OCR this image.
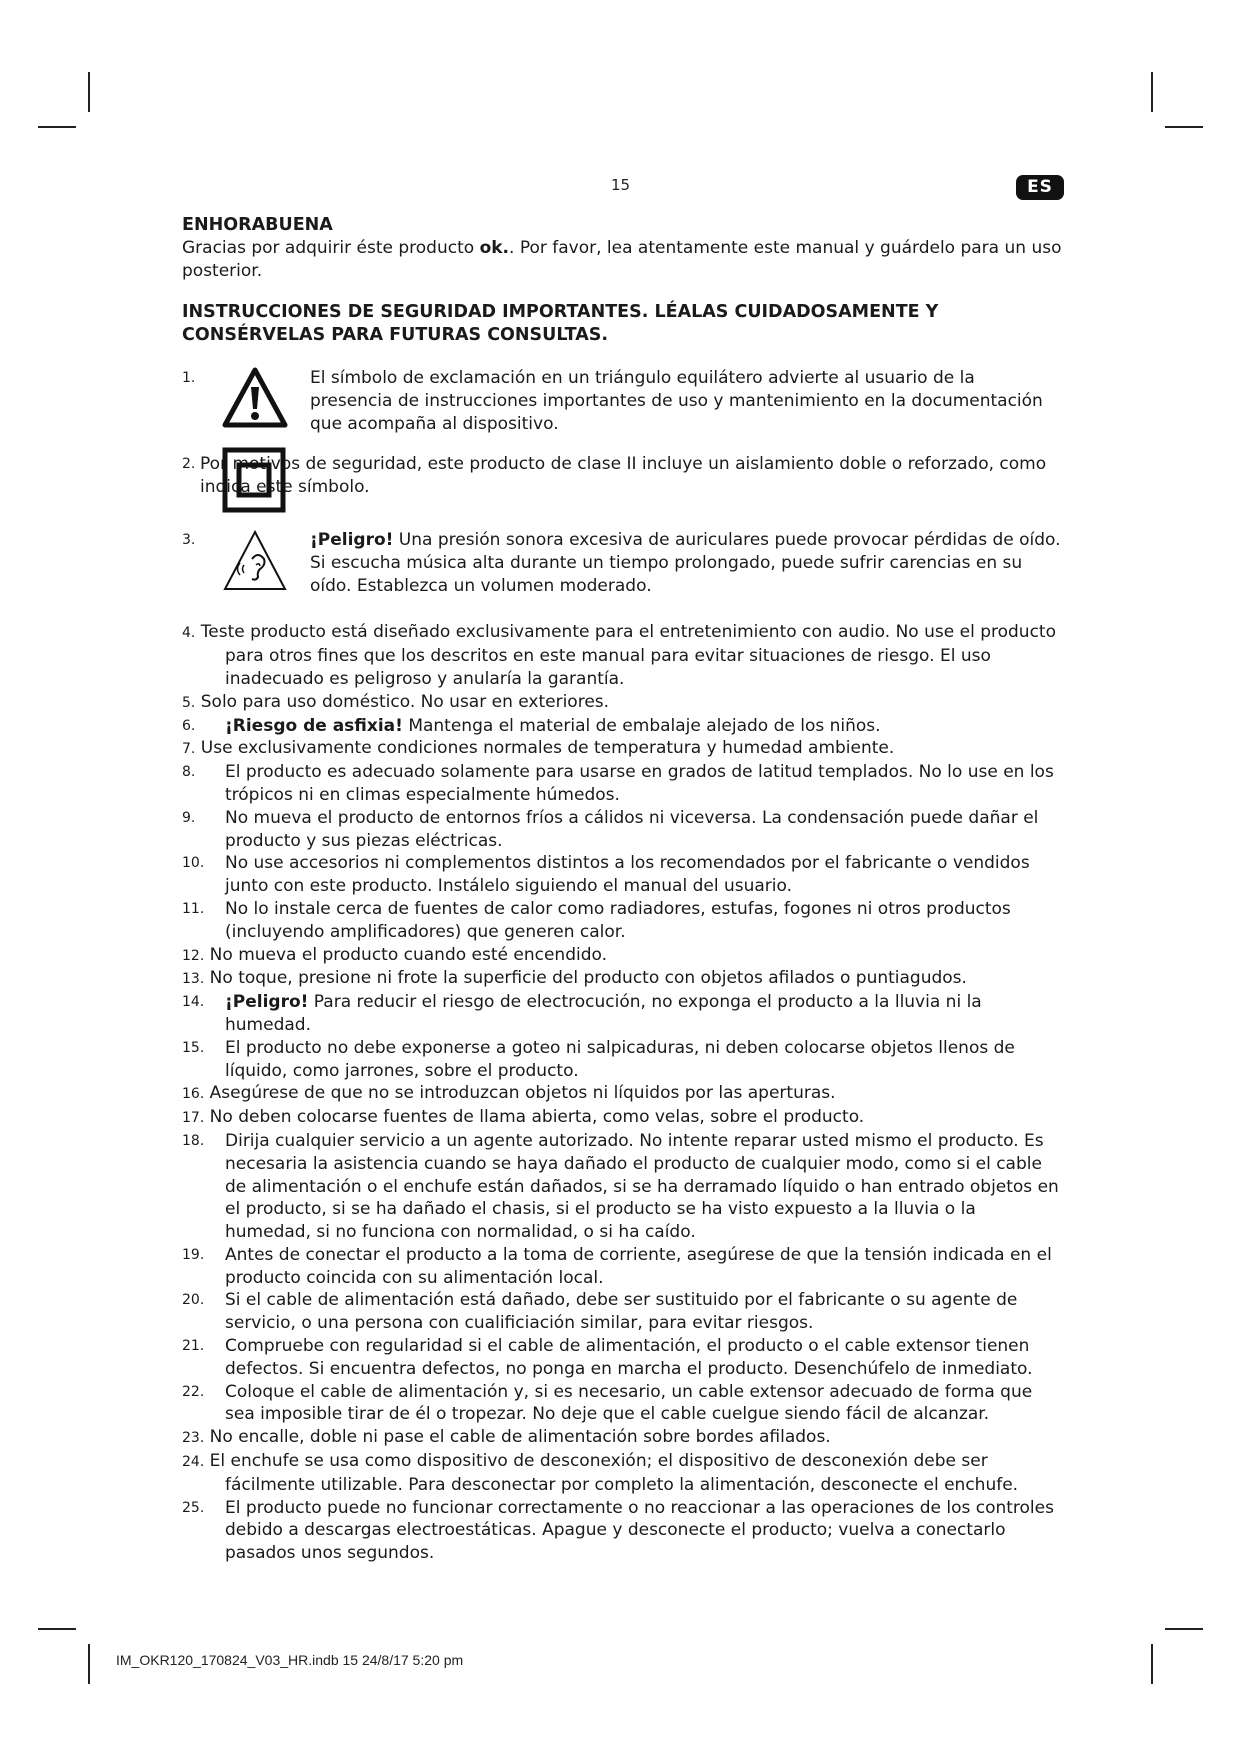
15	ES
ENHORABUENA

Gracias por adquirir éste producto ok.. Por favor, lea atentamente este manual y guárdelo para un uso posterior.

INSTRUCCIONES DE SEGURIDAD IMPORTANTES. LÉALAS CUIDADOSAMENTE Y CONSÉRVELAS PARA FUTURAS CONSULTAS.
1.	El símbolo de exclamación en un triángulo equilátero advierte al usuario de la presencia de instrucciones importantes de uso y mantenimiento en la documentación que acompaña al dispositivo.
2. Por motivos de seguridad, este producto de clase II incluye un aislamiento doble o reforzado, como indica este símbolo.
3.	¡Peligro! Una presión sonora excesiva de auriculares puede provocar pérdidas de oído. Si escucha música alta durante un tiempo prolongado, puede sufrir carencias en su oído. Establezca un volumen moderado.
4. Teste producto está diseñado exclusivamente para el entretenimiento con audio. No use el producto para otros fines que los descritos en este manual para evitar situaciones de riesgo. El uso inadecuado es peligroso y anularía la garantía.
5. Solo para uso doméstico. No usar en exteriores.
6. ¡Riesgo de asfixia! Mantenga el material de embalaje alejado de los niños.
7. Use exclusivamente condiciones normales de temperatura y humedad ambiente.
8. El producto es adecuado solamente para usarse en grados de latitud templados. No lo use en los trópicos ni en climas especialmente húmedos.
9. No mueva el producto de entornos fríos a cálidos ni viceversa. La condensación puede dañar el producto y sus piezas eléctricas.
10. No use accesorios ni complementos distintos a los recomendados por el fabricante o vendidos junto con este producto. Instálelo siguiendo el manual del usuario.
11. No lo instale cerca de fuentes de calor como radiadores, estufas, fogones ni otros productos (incluyendo amplificadores) que generen calor.
12. No mueva el producto cuando esté encendido.
13. No toque, presione ni frote la superficie del producto con objetos afilados o puntiagudos.
14. ¡Peligro! Para reducir el riesgo de electrocución, no exponga el producto a la lluvia ni la humedad.
15. El producto no debe exponerse a goteo ni salpicaduras, ni deben colocarse objetos llenos de líquido, como jarrones, sobre el producto.
16. Asegúrese de que no se introduzcan objetos ni líquidos por las aperturas.
17. No deben colocarse fuentes de llama abierta, como velas, sobre el producto.
18. Dirija cualquier servicio a un agente autorizado. No intente reparar usted mismo el producto. Es necesaria la asistencia cuando se haya dañado el producto de cualquier modo, como si el cable de alimentación o el enchufe están dañados, si se ha derramado líquido o han entrado objetos en el producto, si se ha dañado el chasis, si el producto se ha visto expuesto a la lluvia o la humedad, si no funciona con normalidad, o si ha caído.
19. Antes de conectar el producto a la toma de corriente, asegúrese de que la tensión indicada en el producto coincida con su alimentación local.
20. Si el cable de alimentación está dañado, debe ser sustituido por el fabricante o su agente de servicio, o una persona con cualificiación similar, para evitar riesgos.
21. Compruebe con regularidad si el cable de alimentación, el producto o el cable extensor tienen defectos. Si encuentra defectos, no ponga en marcha el producto. Desenchúfelo de inmediato.
22. Coloque el cable de alimentación y, si es necesario, un cable extensor adecuado de forma que sea imposible tirar de él o tropezar. No deje que el cable cuelgue siendo fácil de alcanzar.
23. No encalle, doble ni pase el cable de alimentación sobre bordes afilados.
24. El enchufe se usa como dispositivo de desconexión; el dispositivo de desconexión debe ser fácilmente utilizable. Para desconectar por completo la alimentación, desconecte el enchufe.
25. El producto puede no funcionar correctamente o no reaccionar a las operaciones de los controles debido a descargas electroestáticas. Apague y desconecte el producto; vuelva a conectarlo pasados unos segundos.
IM_OKR120_170824_V03_HR.indb 15 24/8/17 5:20 pm
